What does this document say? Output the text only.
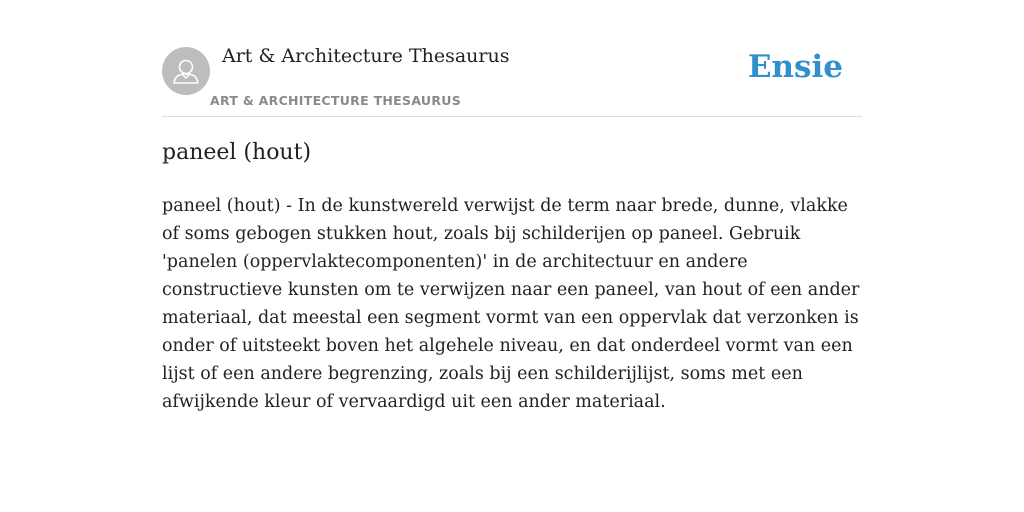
Art & Architecture Thesaurus
ART & ARCHITECTURE THESAURUS
Ensie
paneel (hout)

paneel (hout) - In de kunstwereld verwijst de term naar brede, dunne, vlakke of soms gebogen stukken hout, zoals bij schilderijen op paneel. Gebruik 'panelen (oppervlaktecomponenten)' in de architectuur en andere constructieve kunsten om te verwijzen naar een paneel, van hout of een ander materiaal, dat meestal een segment vormt van een oppervlak dat verzonken is onder of uitsteekt boven het algehele niveau, en dat onderdeel vormt van een lijst of een andere begrenzing, zoals bij een schilderijlijst, soms met een afwijkende kleur of vervaardigd uit een ander materiaal.
